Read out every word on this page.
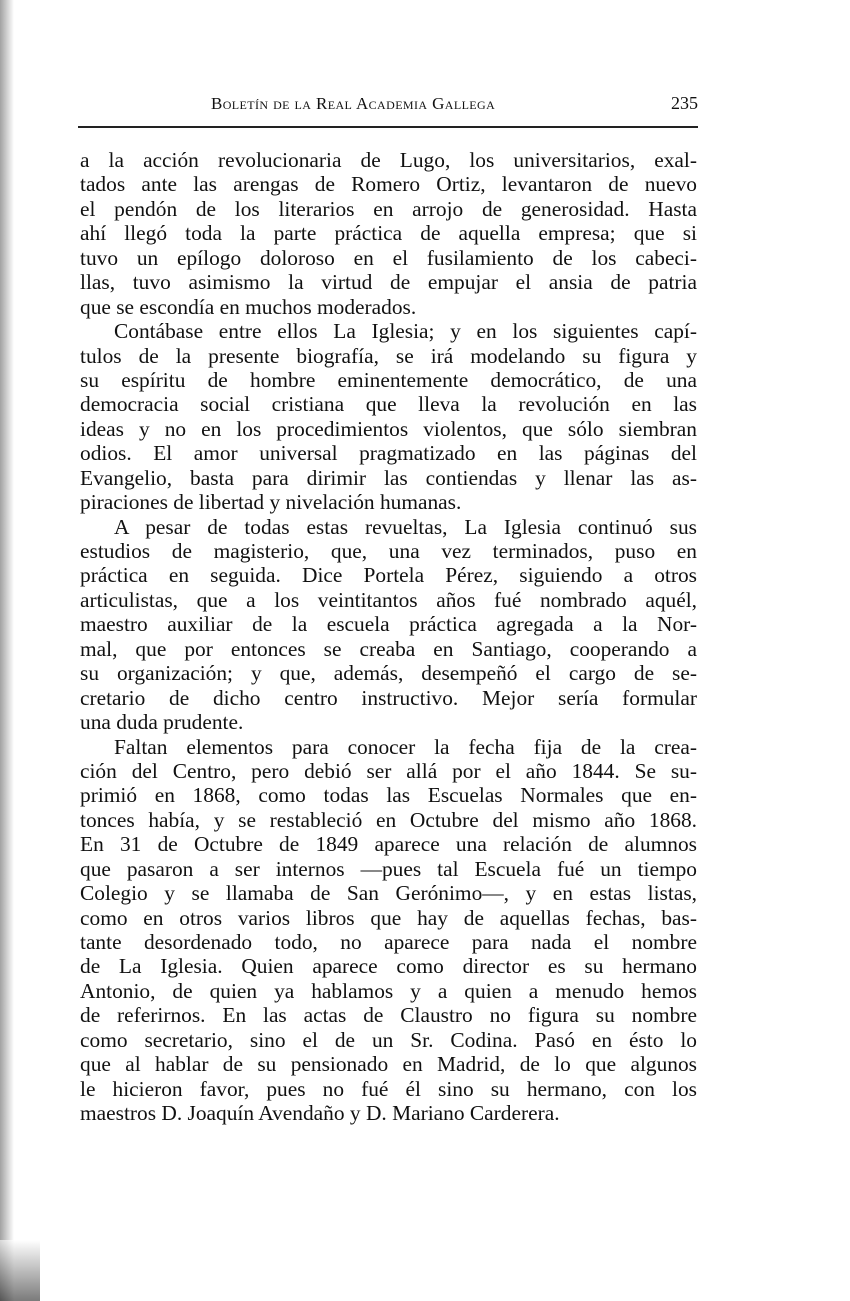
Boletín de la Real Academia Gallega	235
a la acción revolucionaria de Lugo, los universitarios, exal-
tados ante las arengas de Romero Ortiz, levantaron de nuevo
el pendón de los literarios en arrojo de generosidad. Hasta
ahí llegó toda la parte práctica de aquella empresa; que si
tuvo un epílogo doloroso en el fusilamiento de los cabeci-
llas, tuvo asimismo la virtud de empujar el ansia de patria
que se escondía en muchos moderados.
Contábase entre ellos La Iglesia; y en los siguientes capí-
tulos de la presente biografía, se irá modelando su figura y
su espíritu de hombre eminentemente democrático, de una
democracia social cristiana que lleva la revolución en las
ideas y no en los procedimientos violentos, que sólo siembran
odios. El amor universal pragmatizado en las páginas del
Evangelio, basta para dirimir las contiendas y llenar las as-
piraciones de libertad y nivelación humanas.
A pesar de todas estas revueltas, La Iglesia continuó sus
estudios de magisterio, que, una vez terminados, puso en
práctica en seguida. Dice Portela Pérez, siguiendo a otros
articulistas, que a los veintitantos años fué nombrado aquél,
maestro auxiliar de la escuela práctica agregada a la Nor-
mal, que por entonces se creaba en Santiago, cooperando a
su organización; y que, además, desempeñó el cargo de se-
cretario de dicho centro instructivo. Mejor sería formular
una duda prudente.
Faltan elementos para conocer la fecha fija de la crea-
ción del Centro, pero debió ser allá por el año 1844. Se su-
primió en 1868, como todas las Escuelas Normales que en-
tonces había, y se restableció en Octubre del mismo año 1868.
En 31 de Octubre de 1849 aparece una relación de alumnos
que pasaron a ser internos —pues tal Escuela fué un tiempo
Colegio y se llamaba de San Gerónimo—, y en estas listas,
como en otros varios libros que hay de aquellas fechas, bas-
tante desordenado todo, no aparece para nada el nombre
de La Iglesia. Quien aparece como director es su hermano
Antonio, de quien ya hablamos y a quien a menudo hemos
de referirnos. En las actas de Claustro no figura su nombre
como secretario, sino el de un Sr. Codina. Pasó en ésto lo
que al hablar de su pensionado en Madrid, de lo que algunos
le hicieron favor, pues no fué él sino su hermano, con los
maestros D. Joaquín Avendaño y D. Mariano Carderera.
